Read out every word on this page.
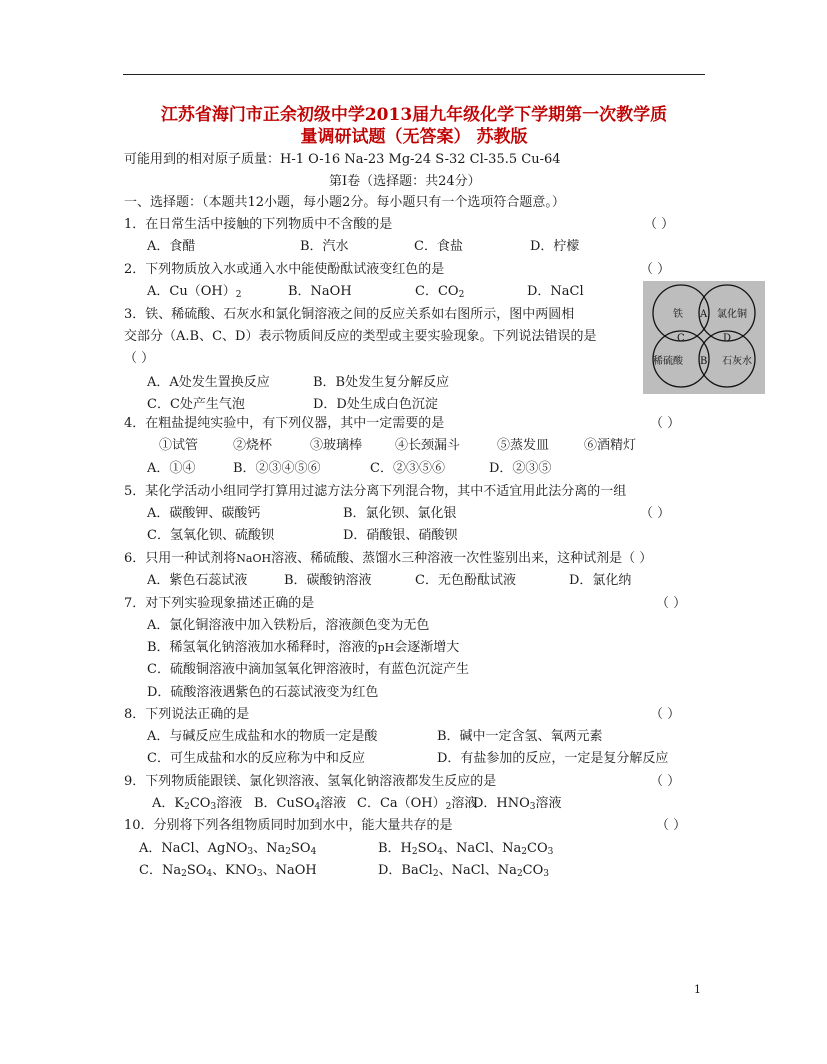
江苏省海门市正余初级中学2013届九年级化学下学期第一次教学质
量调研试题（无答案） 苏教版
可能用到的相对原子质量：H-1 O-16 Na-23 Mg-24 S-32 Cl-35.5 Cu-64
第Ⅰ卷（选择题：共24分）
一、选择题：（本题共12小题，每小题2分。每小题只有一个选项符合题意。）
1．在日常生活中接触的下列物质中不含酸的是	（ ）
A．食醋	B．汽水	C．食盐	D．柠檬
2．下列物质放入水或通入水中能使酚酞试液变红色的是	（ ）
A．$Cu(OH)_2$	B．NaOH	C．$CO_2$	D．NaCl
3．铁、稀硫酸、石灰水和氯化铜溶液之间的反应关系如右图所示，图中两圆相
交部分（A.B、C、D）表示物质间反应的类型或主要实验现象。下列说法错误的是
（ ）
A．A处发生置换反应	B．B处发生复分解反应
C．C处产生气泡	D．D处生成白色沉淀
铁	氯化铜
稀硫酸	石灰水
A
B
C	D
4．在粗盐提纯实验中，有下列仪器，其中一定需要的是	（ ）
①试管	②烧杯	③玻璃棒	④长颈漏斗	⑤蒸发皿	⑥酒精灯
A．①④	B．②③④⑤⑥	C．②③⑤⑥	D．②③⑤
5．某化学活动小组同学打算用过滤方法分离下列混合物，其中不适宜用此法分离的一组
A．碳酸钾、碳酸钙	B．氯化钡、氯化银	（ ）
C．氢氧化钡、硫酸钡	D．硝酸银、硝酸钡
6．只用一种试剂将NaOH溶液、稀硫酸、蒸馏水三种溶液一次性鉴别出来，这种试剂是（ ）
A．紫色石蕊试液	B．碳酸钠溶液	C．无色酚酞试液	D．氯化纳
7．对下列实验现象描述正确的是	（ ）
A．氯化铜溶液中加入铁粉后，溶液颜色变为无色
B．稀氢氧化钠溶液加水稀释时，溶液的pH会逐渐增大
C．硫酸铜溶液中滴加氢氧化钾溶液时，有蓝色沉淀产生
D．硫酸溶液遇紫色的石蕊试液变为红色
8．下列说法正确的是	（ ）
A．与碱反应生成盐和水的物质一定是酸	B．碱中一定含氢、氧两元素
C．可生成盐和水的反应称为中和反应	D．有盐参加的反应，一定是复分解反应
9．下列物质能跟镁、氯化钡溶液、氢氧化钠溶液都发生反应的是	（ ）
A．$K_2CO_3$溶液 B．CuSO$_4$溶液 C．$Ca(OH)_2$溶液
D．$HNO_3$溶液
10．分别将下列各组物质同时加到水中，能大量共存的是	（ ）
A．NaCl、AgNO$_3$、$Na_2SO_4$	B．$H_2SO_4$、NaCl、$Na_2CO_3$
C．$Na_2SO_4$、$KNO_3$、NaOH	D．BaCl$_2$、NaCl、$Na_2CO_3$
1
